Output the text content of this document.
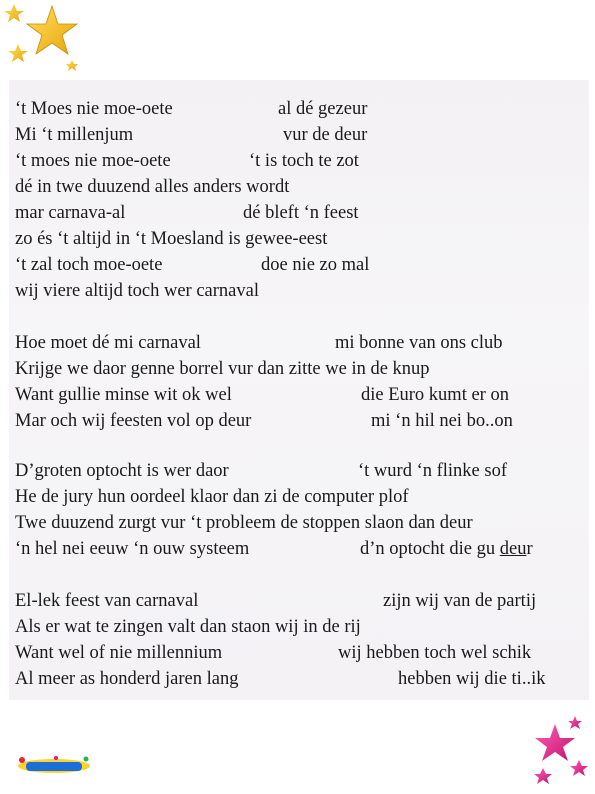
‘t Moes nie moe-oete	al dé gezeur
Mi ‘t millenjum	vur de deur
‘t moes nie moe-oete	‘t is toch te zot
dé in twe duuzend alles anders wordt
mar carnava-al	dé bleft ‘n feest
zo és ‘t altijd in ‘t Moesland is gewee-eest
‘t zal toch moe-oete	doe nie zo mal
wij viere altijd toch wer carnaval
Hoe moet dé mi carnaval	mi bonne van ons club
Krijge we daor genne borrel vur dan zitte we in de knup
Want gullie minse wit ok wel	die Euro kumt er on
Mar och wij feesten vol op deur	mi ‘n hil nei bo..on
D’groten optocht is wer daor	‘t wurd ‘n flinke sof
He de jury hun oordeel klaor dan zi de computer plof
Twe duuzend zurgt vur ‘t probleem de stoppen slaon dan deur
‘n hel nei eeuw ‘n ouw systeem	d’n optocht die gu deur
El-lek feest van carnaval	zijn wij van de partij
Als er wat te zingen valt dan staon wij in de rij
Want wel of nie millennium	wij hebben toch wel schik
Al meer as honderd jaren lang	hebben wij die ti..ik
